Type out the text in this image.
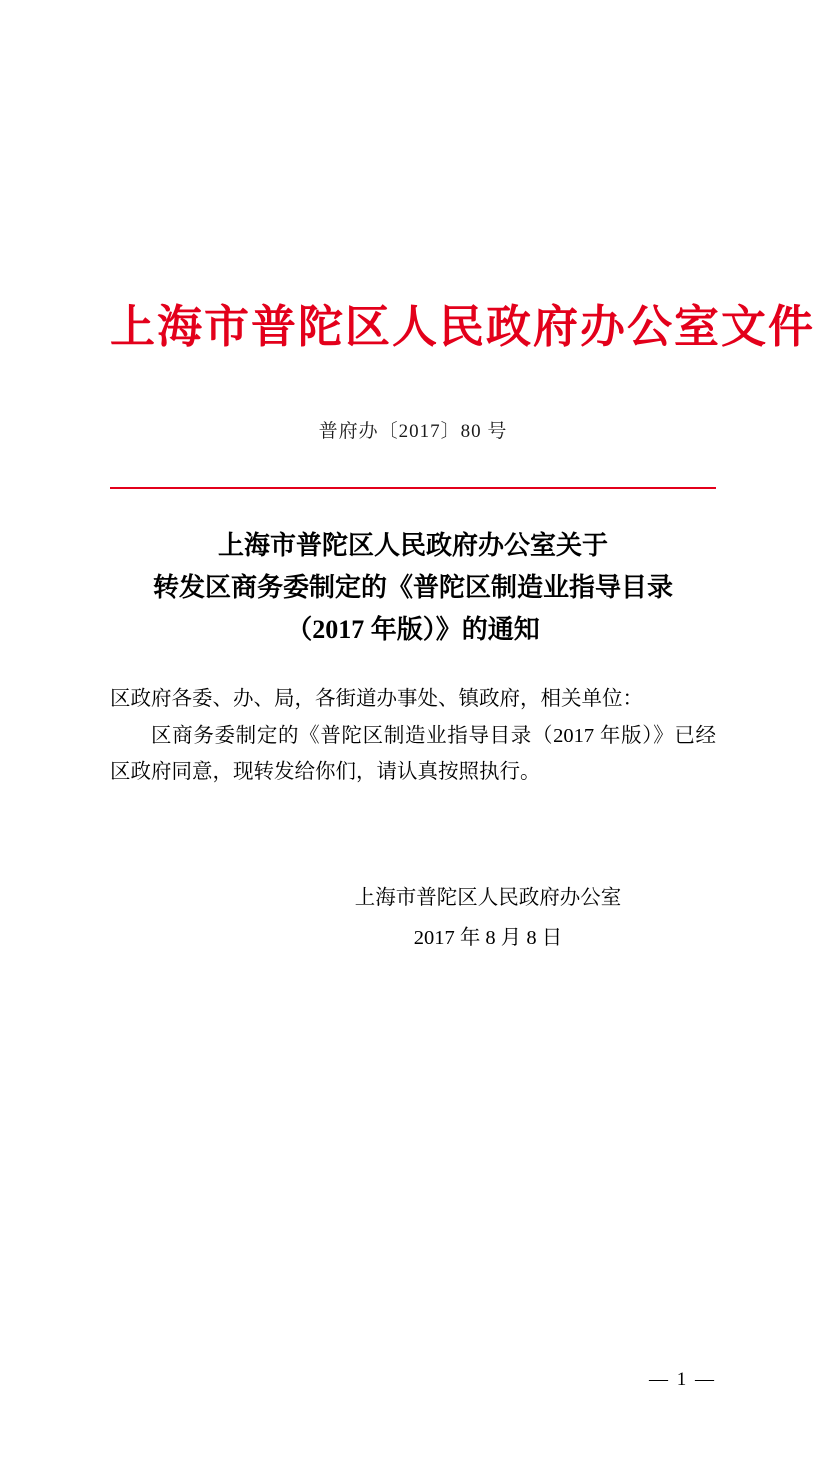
上海市普陀区人民政府办公室文件
普府办〔2017〕80 号
上海市普陀区人民政府办公室关于
转发区商务委制定的《普陀区制造业指导目录
（2017 年版）》的通知

区政府各委、办、局，各街道办事处、镇政府，相关单位：

区商务委制定的《普陀区制造业指导目录（2017 年版）》已经区政府同意，现转发给你们，请认真按照执行。

上海市普陀区人民政府办公室
2017 年 8 月 8 日
— 1 —
